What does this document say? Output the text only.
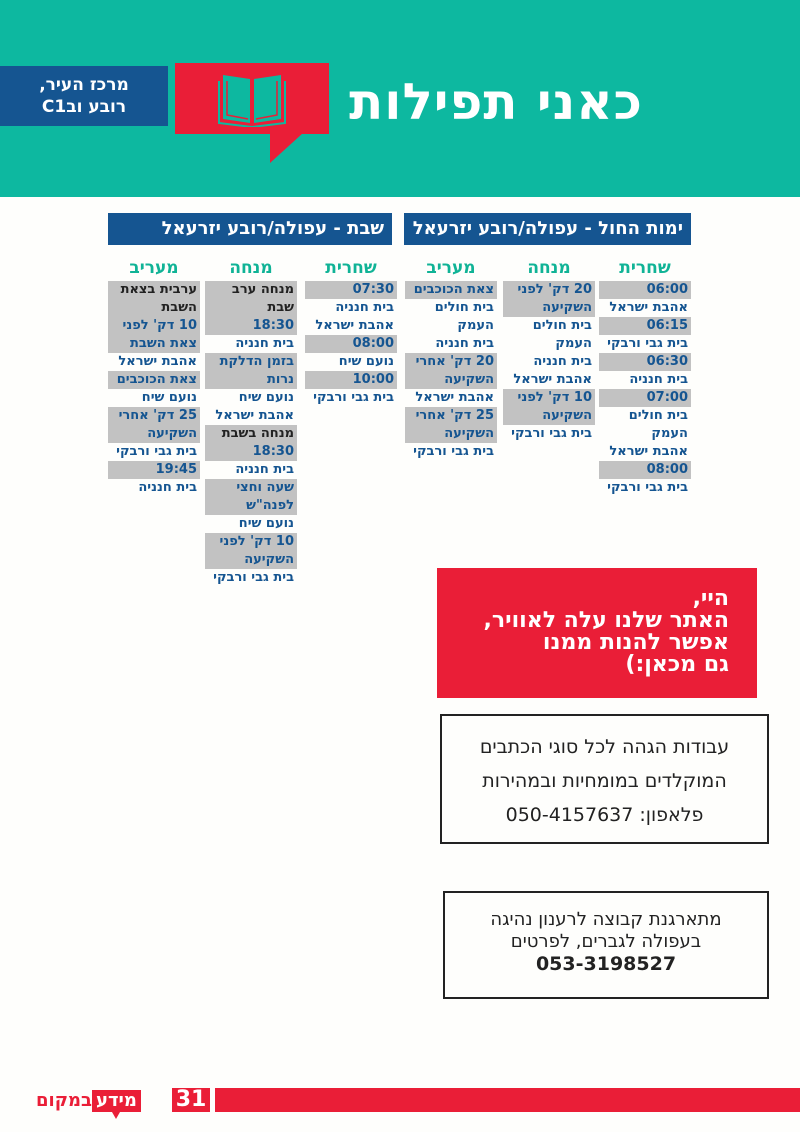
מרכז העיר,
רובע ובC1	כאני תפילות
ימות החול - עפולה/רובע יזרעאל
שבת - עפולה/רובע יזרעאל
שחרית
06:00
אהבת ישראל
06:15
בית גבי ורבקי
06:30
בית חנניה
07:00
בית חולים
העמק
אהבת ישראל
08:00
בית גבי ורבקי
מנחה
20 דק' לפני
השקיעה
בית חולים
העמק
בית חנניה
אהבת ישראל
10 דק' לפני
השקיעה
בית גבי ורבקי
מעריב
צאת הכוכבים
בית חולים
העמק
בית חנניה
20 דק' אחרי
השקיעה
אהבת ישראל
25 דק' אחרי
השקיעה
בית גבי ורבקי
שחרית
07:30
בית חנניה
אהבת ישראל
08:00
נועם שיח
10:00
בית גבי ורבקי
מנחה
מנחה ערב
שבת
18:30
בית חנניה
בזמן הדלקת
נרות
נועם שיח
אהבת ישראל
מנחה בשבת
18:30
בית חנניה
שעה וחצי
לפנה"ש
נועם שיח
10 דק' לפני
השקיעה
בית גבי ורבקי
מעריב
ערבית בצאת
השבת
10 דק' לפני
צאת השבת
אהבת ישראל
צאת הכוכבים
נועם שיח
25 דק' אחרי
השקיעה
בית גבי ורבקי
19:45
בית חנניה
היי,
האתר שלנו עלה לאוויר,
אפשר להנות ממנו
גם מכאן:)
עבודות הגהה לכל סוגי הכתבים
המוקלדים במומחיות ובמהירות
פלאפון: 050-4157637
מתארגנת קבוצה לרענון נהיגה
בעפולה לגברים, לפרטים
053-3198527
31
מידע
במקום
